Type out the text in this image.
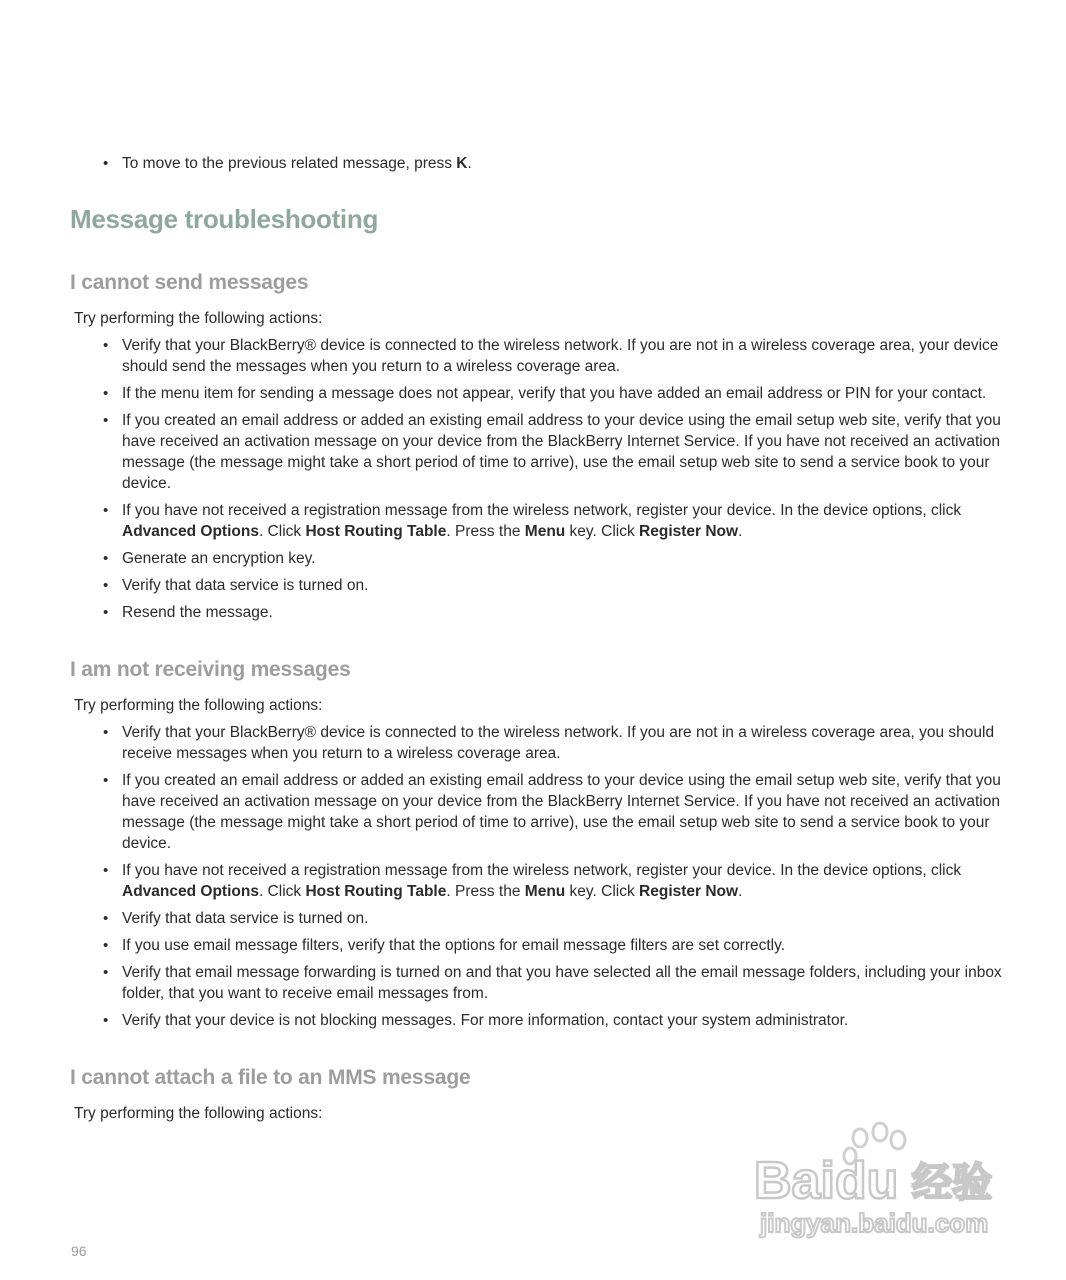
• To move to the previous related message, press K.
Message troubleshooting
I cannot send messages

Try performing the following actions:

• Verify that your BlackBerry® device is connected to the wireless network. If you are not in a wireless coverage area, your device should send the messages when you return to a wireless coverage area.
• If the menu item for sending a message does not appear, verify that you have added an email address or PIN for your contact.
• If you created an email address or added an existing email address to your device using the email setup web site, verify that you have received an activation message on your device from the BlackBerry Internet Service. If you have not received an activation message (the message might take a short period of time to arrive), use the email setup web site to send a service book to your device.
• If you have not received a registration message from the wireless network, register your device. In the device options, click Advanced Options. Click Host Routing Table. Press the Menu key. Click Register Now.
• Generate an encryption key.
• Verify that data service is turned on.
• Resend the message.
I am not receiving messages

Try performing the following actions:

• Verify that your BlackBerry® device is connected to the wireless network. If you are not in a wireless coverage area, you should receive messages when you return to a wireless coverage area.
• If you created an email address or added an existing email address to your device using the email setup web site, verify that you have received an activation message on your device from the BlackBerry Internet Service. If you have not received an activation message (the message might take a short period of time to arrive), use the email setup web site to send a service book to your device.
• If you have not received a registration message from the wireless network, register your device. In the device options, click Advanced Options. Click Host Routing Table. Press the Menu key. Click Register Now.
• Verify that data service is turned on.
• If you use email message filters, verify that the options for email message filters are set correctly.
• Verify that email message forwarding is turned on and that you have selected all the email message folders, including your inbox folder, that you want to receive email messages from.
• Verify that your device is not blocking messages. For more information, contact your system administrator.
I cannot attach a file to an MMS message

Try performing the following actions:

Baidu 经验
jingyan.baidu.com
96
